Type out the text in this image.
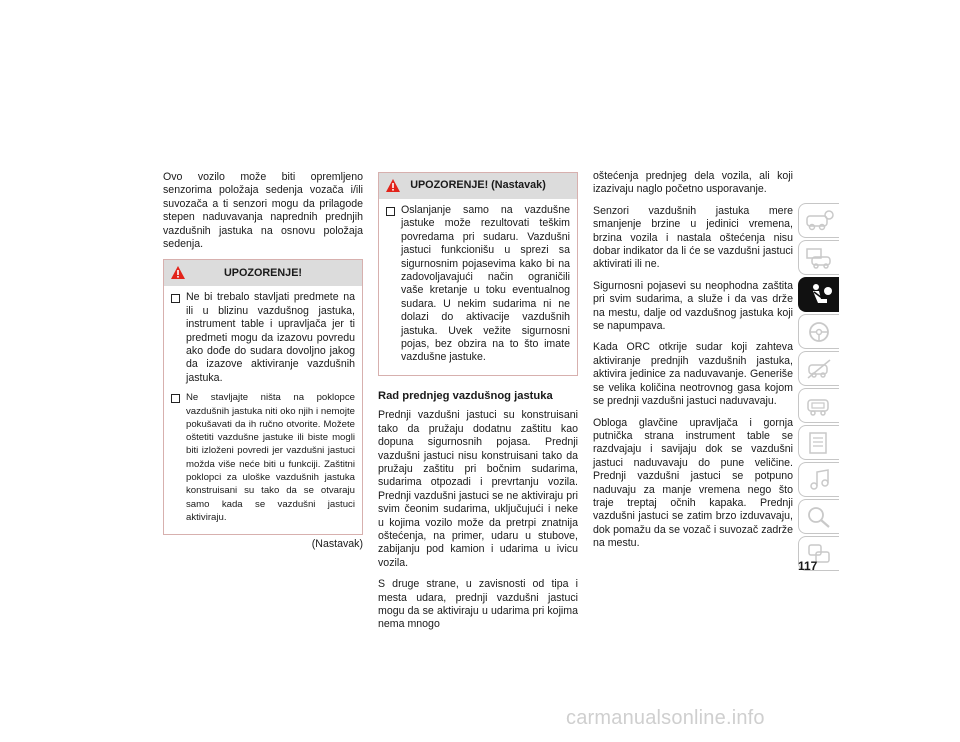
Ovo vozilo može biti opremljeno senzorima položaja sedenja vozača i/ili suvozača a ti senzori mogu da prilagode stepen naduvavanja naprednih prednjih vazdušnih jastuka na osnovu položaja sedenja.

UPOZORENJE!
Ne bi trebalo stavljati predmete na ili u blizinu vazdušnog jastuka, instrument table i upravljača jer ti predmeti mogu da izazovu povredu ako dođe do sudara dovoljno jakog da izazove aktiviranje vazdušnih jastuka.
Ne stavljajte ništa na poklopce vazdušnih jastuka niti oko njih i nemojte pokušavati da ih ručno otvorite. Možete oštetiti vazdušne jastuke ili biste mogli biti izloženi povredi jer vazdušni jastuci možda više neće biti u funkciji. Zaštitni poklopci za uloške vazdušnih jastuka konstruisani su tako da se otvaraju samo kada se vazdušni jastuci aktiviraju.
(Nastavak)
UPOZORENJE! (Nastavak)
Oslanjanje samo na vazdušne jastuke može rezultovati teškim povredama pri sudaru. Vazdušni jastuci funkcionišu u sprezi sa sigurnosnim pojasevima kako bi na zadovoljavajući način ograničili vaše kretanje u toku eventualnog sudara. U nekim sudarima ni ne dolazi do aktivacije vazdušnih jastuka. Uvek vežite sigurnosni pojas, bez obzira na to što imate vazdušne jastuke.
Rad prednjeg vazdušnog jastuka

Prednji vazdušni jastuci su konstruisani tako da pružaju dodatnu zaštitu kao dopuna sigurnosnih pojasa. Prednji vazdušni jastuci nisu konstruisani tako da pružaju zaštitu pri bočnim sudarima, sudarima otpozadi i prevrtanju vozila. Prednji vazdušni jastuci se ne aktiviraju pri svim čeonim sudarima, uključujući i neke u kojima vozilo može da pretrpi znatnija oštećenja, na primer, udaru u stubove, zabijanju pod kamion i udarima u ivicu vozila.

S druge strane, u zavisnosti od tipa i mesta udara, prednji vazdušni jastuci mogu da se aktiviraju u udarima pri kojima nema mnogo

oštećenja prednjeg dela vozila, ali koji izazivaju naglo početno usporavanje.

Senzori vazdušnih jastuka mere smanjenje brzine u jedinici vremena, brzina vozila i nastala oštećenja nisu dobar indikator da li će se vazdušni jastuci aktivirati ili ne.

Sigurnosni pojasevi su neophodna zaštita pri svim sudarima, a služe i da vas drže na mestu, dalje od vazdušnog jastuka koji se napumpava.

Kada ORC otkrije sudar koji zahteva aktiviranje prednjih vazdušnih jastuka, aktivira jedinice za naduvavanje. Generiše se velika količina neotrovnog gasa kojom se prednji vazdušni jastuci naduvavaju.

Obloga glavčine upravljača i gornja putnička strana instrument table se razdvajaju i savijaju dok se vazdušni jastuci naduvavaju do pune veličine. Prednji vazdušni jastuci se potpuno naduvaju za manje vremena nego što traje treptaj očnih kapaka. Prednji vazdušni jastuci se zatim brzo izduvavaju, dok pomažu da se vozač i suvozač zadrže na mestu.

117
carmanualsonline.info
